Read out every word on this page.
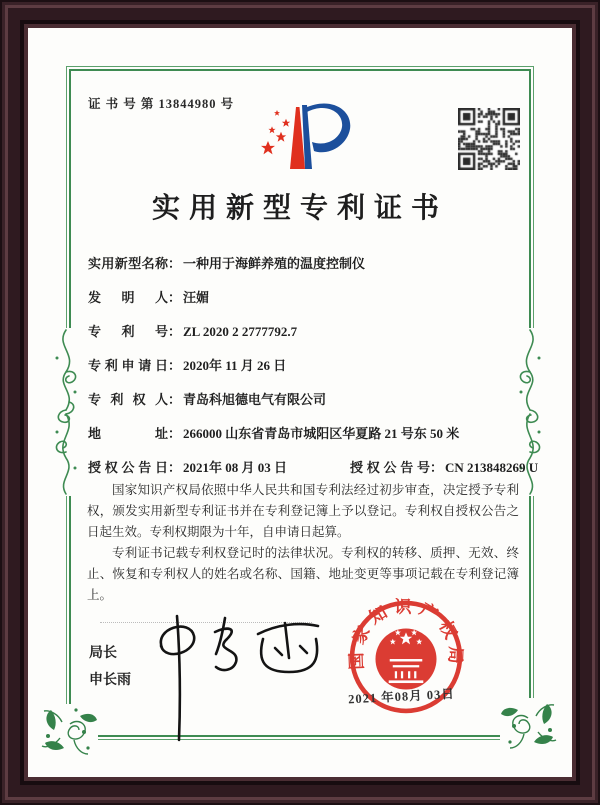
证 书 号 第 13844980 号
实用新型专利证书
实用新型名称： 一种用于海鲜养殖的温度控制仪
发明人： 汪媚
专利号： ZL 2020 2 2777792.7
专利申请日： 2020年 11 月 26 日
专利权人： 青岛科旭德电气有限公司
地址： 266000 山东省青岛市城阳区华夏路 21 号东 50 米
授权公告日： 2021年 08 月 03 日	授权公告号： CN 213848269 U

国家知识产权局依照中华人民共和国专利法经过初步审查，决定授予专利权，颁发实用新型专利证书并在专利登记簿上予以登记。专利权自授权公告之日起生效。专利权期限为十年，自申请日起算。

专利证书记载专利权登记时的法律状况。专利权的转移、质押、无效、终止、恢复和专利权人的姓名或名称、国籍、地址变更等事项记载在专利登记簿上。

局长
申长雨
国家知识产权局
2021 年08月 03日
